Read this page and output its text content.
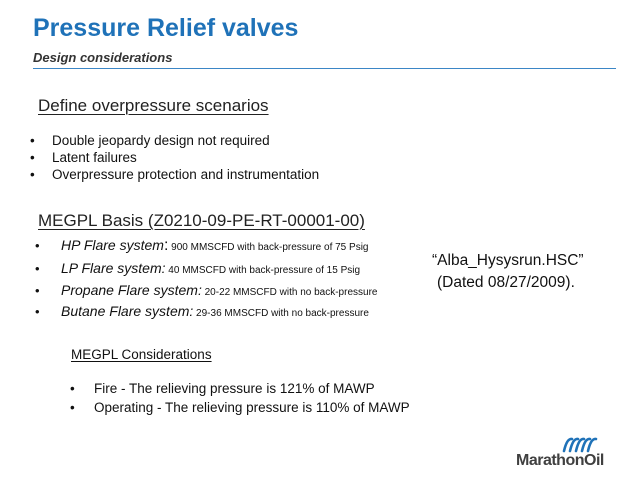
Pressure Relief valves
Design considerations
Define overpressure scenarios
• Double jeopardy design not required
• Latent failures
• Overpressure protection and instrumentation
MEGPL Basis (Z0210-09-PE-RT-00001-00)
• HP Flare system: 900 MMSCFD with back-pressure of 75 Psig
• LP Flare system: 40 MMSCFD with back-pressure of 15 Psig
• Propane Flare system: 20-22 MMSCFD with no back-pressure
• Butane Flare system: 29-36 MMSCFD with no back-pressure
“Alba_Hysysrun.HSC”
(Dated 08/27/2009).
MEGPL Considerations
• Fire - The relieving pressure is 121% of MAWP
• Operating - The relieving pressure is 110% of MAWP
MarathonOil
